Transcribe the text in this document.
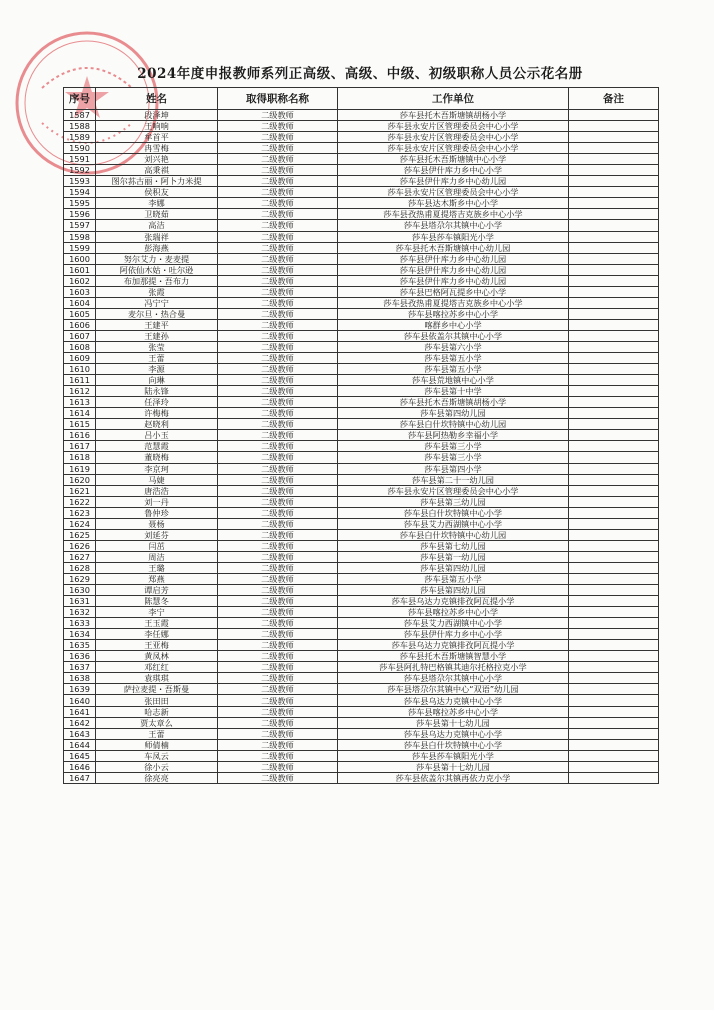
2024年度申报教师系列正高级、高级、中级、初级职称人员公示花名册
序号	姓名	取得职称名称	工作单位	备注
1587	段泽坤	二级教师	莎车县托木吾斯塘镇胡杨小学	
1588	王响响	二级教师	莎车县永安片区管理委员会中心小学	
1589	牟首平	二级教师	莎车县永安片区管理委员会中心小学	
1590	冉雪梅	二级教师	莎车县永安片区管理委员会中心小学	
1591	刘兴艳	二级教师	莎车县托木吾斯塘镇中心小学	
1592	高秉祺	二级教师	莎车县伊什库力乡中心小学	
1593	图尔荪古丽・阿卜力米提	二级教师	莎车县伊什库力乡中心幼儿园	
1594	侯积友	二级教师	莎车县永安片区管理委员会中心小学	
1595	李娜	二级教师	莎车县达木斯乡中心小学	
1596	卫晓茹	二级教师	莎车县孜热甫夏提塔吉克族乡中心小学	
1597	高洁	二级教师	莎车县塔尕尔其镇中心小学	
1598	张瑞祥	二级教师	莎车县莎车镇阳光小学	
1599	彭海燕	二级教师	莎车县托木吾斯塘镇中心幼儿园	
1600	努尔艾力・麦麦提	二级教师	莎车县伊什库力乡中心幼儿园	
1601	阿依仙木姑・吐尔逊	二级教师	莎车县伊什库力乡中心幼儿园	
1602	布加那提・吾布力	二级教师	莎车县伊什库力乡中心幼儿园	
1603	张霞	二级教师	莎车县巴格阿瓦提乡中心小学	
1604	冯宁宁	二级教师	莎车县孜热甫夏提塔吉克族乡中心小学	
1605	麦尔旦・热合曼	二级教师	莎车县喀拉苏乡中心小学	
1606	王建平	二级教师	喀群乡中心小学	
1607	王建孙	二级教师	莎车县依盖尔其镇中心小学	
1608	张莹	二级教师	莎车县第六小学	
1609	王蕾	二级教师	莎车县第五小学	
1610	李源	二级教师	莎车县第五小学	
1611	向琳	二级教师	莎车县荒地镇中心小学	
1612	陆永锋	二级教师	莎车县第十中学	
1613	任泽玲	二级教师	莎车县托木吾斯塘镇胡杨小学	
1614	许梅梅	二级教师	莎车县第四幼儿园	
1615	赵晓利	二级教师	莎车县白什坎特镇中心幼儿园	
1616	吕小玉	二级教师	莎车县阿热勒乡幸福小学	
1617	范慧霞	二级教师	莎车县第三小学	
1618	董晓梅	二级教师	莎车县第三小学	
1619	李京珂	二级教师	莎车县第四小学	
1620	马婕	二级教师	莎车县第二十一幼儿园	
1621	唐浩浩	二级教师	莎车县永安片区管理委员会中心小学	
1622	刘一丹	二级教师	莎车县第三幼儿园	
1623	鲁仲珍	二级教师	莎车县白什坎特镇中心小学	
1624	聂杨	二级教师	莎车县艾力西湖镇中心小学	
1625	刘延芬	二级教师	莎车县白什坎特镇中心幼儿园	
1626	闫茁	二级教师	莎车县第七幼儿园	
1627	周洁	二级教师	莎车县第一幼儿园	
1628	王璐	二级教师	莎车县第四幼儿园	
1629	郑燕	二级教师	莎车县第五小学	
1630	谭启芳	二级教师	莎车县第四幼儿园	
1631	陈慧冬	二级教师	莎车县乌达力克镇排孜阿瓦提小学	
1632	李宁	二级教师	莎车县喀拉苏乡中心小学	
1633	王玉霞	二级教师	莎车县艾力西湖镇中心小学	
1634	李任娜	二级教师	莎车县伊什库力乡中心小学	
1635	王亚梅	二级教师	莎车县乌达力克镇排孜阿瓦提小学	
1636	黄凤林	二级教师	莎车县托木吾斯塘镇智慧小学	
1637	邓红红	二级教师	莎车县阿扎特巴格镇其迪尔托格拉克小学	
1638	袁琪琪	二级教师	莎车县塔尕尔其镇中心小学	
1639	萨拉麦提・吾斯曼	二级教师	莎车县塔尕尔其镇中心“双语”幼儿园	
1640	张田田	二级教师	莎车县乌达力克镇中心小学	
1641	哈志新	二级教师	莎车县喀拉苏乡中心小学	
1642	贾太章么	二级教师	莎车县第十七幼儿园	
1643	王蕾	二级教师	莎车县乌达力克镇中心小学	
1644	师倩楠	二级教师	莎车县白什坎特镇中心小学	
1645	车凤云	二级教师	莎车县莎车镇阳光小学	
1646	徐小云	二级教师	莎车县第十七幼儿园	
1647	徐亮亮	二级教师	莎车县依盖尔其镇再依力克小学	
